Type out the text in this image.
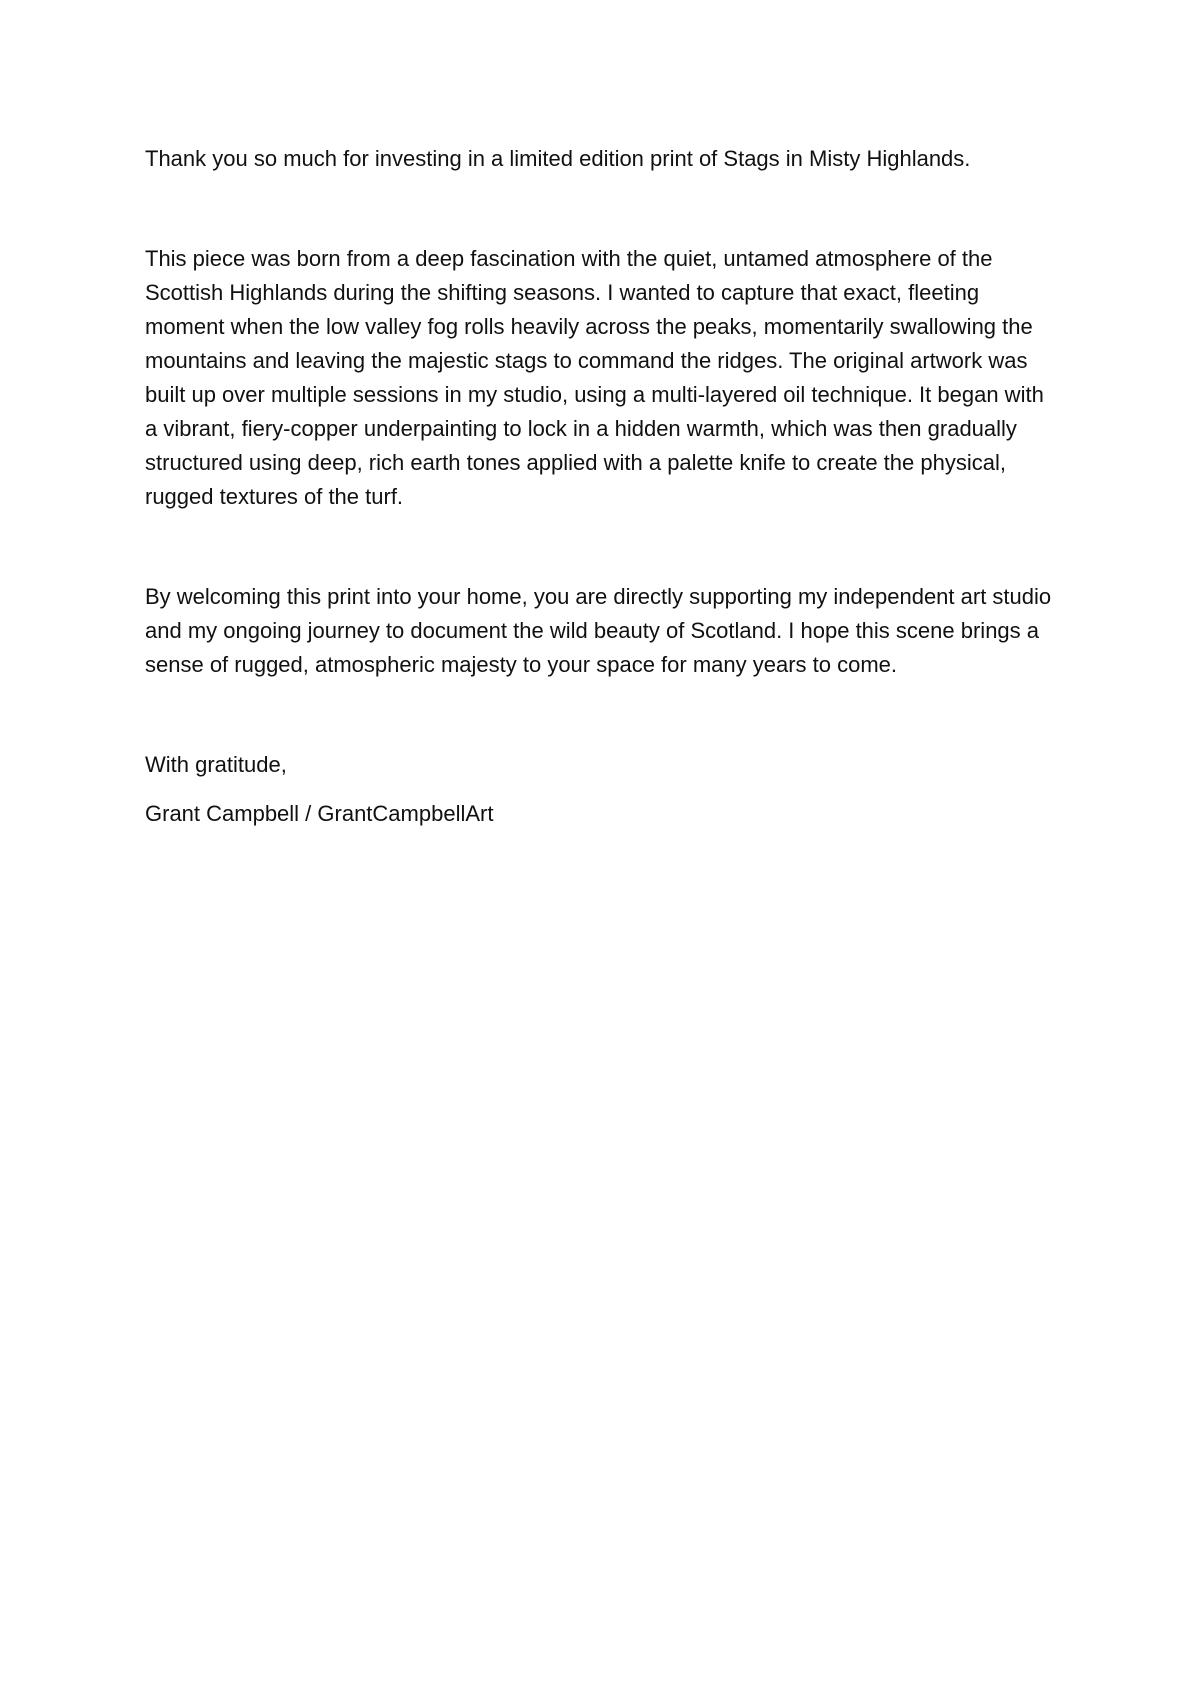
Thank you so much for investing in a limited edition print of Stags in Misty Highlands.

This piece was born from a deep fascination with the quiet, untamed atmosphere of the Scottish Highlands during the shifting seasons. I wanted to capture that exact, fleeting moment when the low valley fog rolls heavily across the peaks, momentarily swallowing the mountains and leaving the majestic stags to command the ridges. The original artwork was built up over multiple sessions in my studio, using a multi-layered oil technique. It began with a vibrant, fiery-copper underpainting to lock in a hidden warmth, which was then gradually structured using deep, rich earth tones applied with a palette knife to create the physical, rugged textures of the turf.

By welcoming this print into your home, you are directly supporting my independent art studio and my ongoing journey to document the wild beauty of Scotland. I hope this scene brings a sense of rugged, atmospheric majesty to your space for many years to come.

With gratitude,

Grant Campbell / GrantCampbellArt
